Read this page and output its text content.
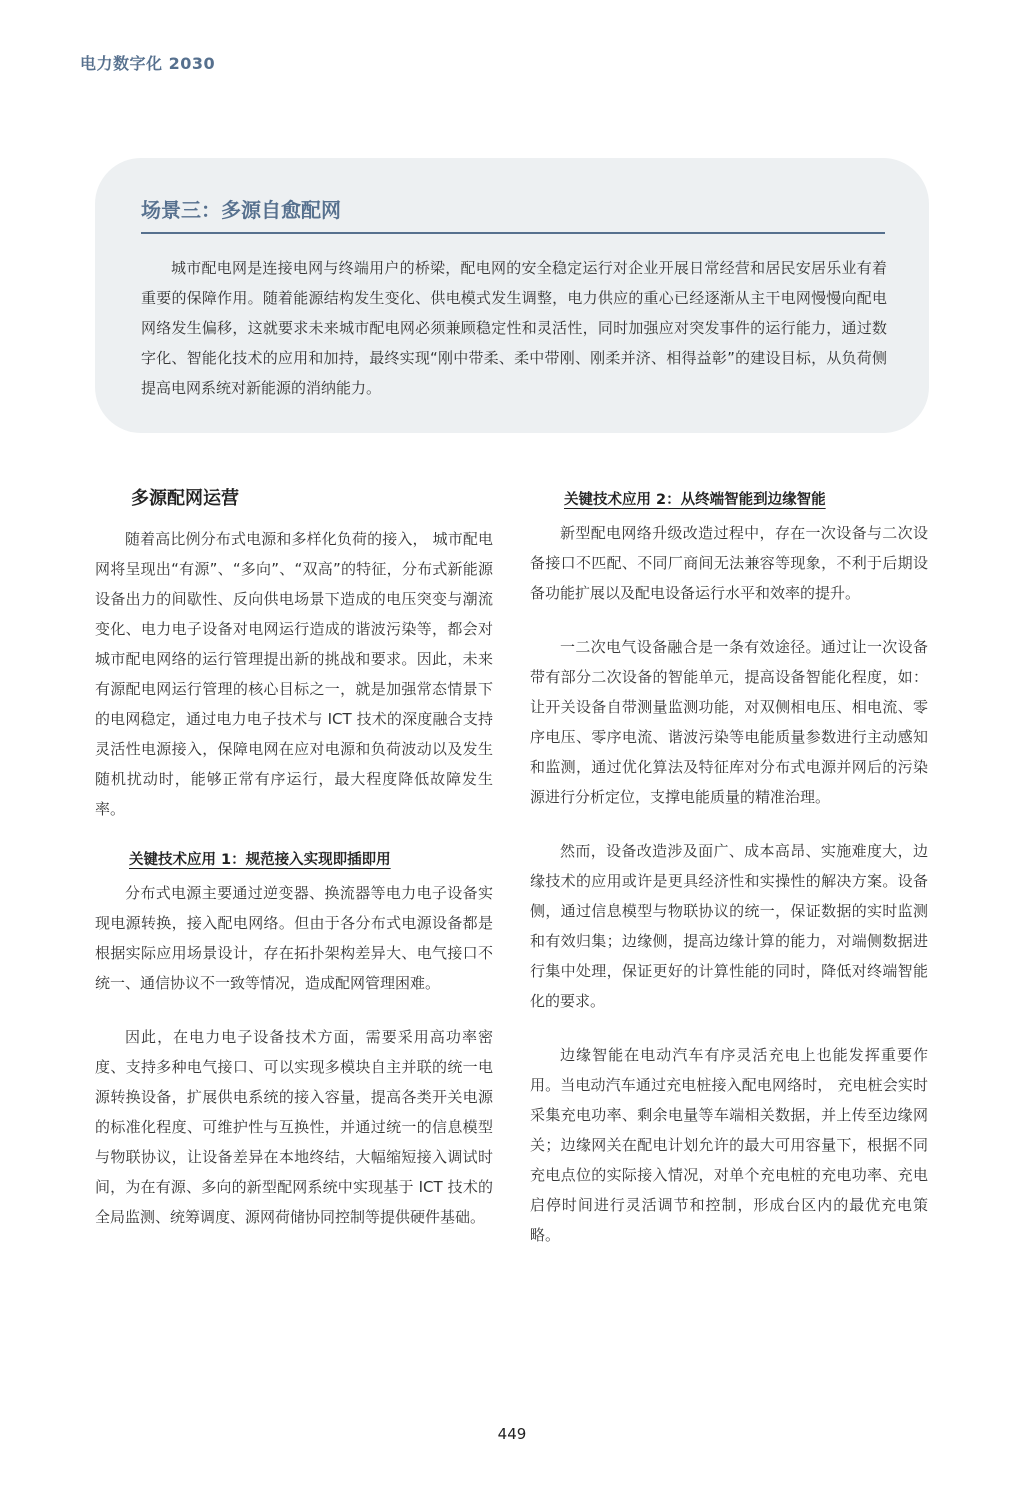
电力数字化 2030
场景三：多源自愈配网

城市配电网是连接电网与终端用户的桥梁，配电网的安全稳定运行对企业开展日常经营和居民安居乐业有着重要的保障作用。随着能源结构发生变化、供电模式发生调整，电力供应的重心已经逐渐从主干电网慢慢向配电网络发生偏移，这就要求未来城市配电网必须兼顾稳定性和灵活性，同时加强应对突发事件的运行能力，通过数字化、智能化技术的应用和加持，最终实现“刚中带柔、柔中带刚、刚柔并济、相得益彰”的建设目标，从负荷侧提高电网系统对新能源的消纳能力。

多源配网运营

随着高比例分布式电源和多样化负荷的接入， 城市配电网将呈现出“有源”、“多向”、“双高”的特征，分布式新能源设备出力的间歇性、反向供电场景下造成的电压突变与潮流变化、电力电子设备对电网运行造成的谐波污染等，都会对城市配电网络的运行管理提出新的挑战和要求。因此，未来有源配电网运行管理的核心目标之一，就是加强常态情景下的电网稳定，通过电力电子技术与 ICT 技术的深度融合支持灵活性电源接入，保障电网在应对电源和负荷波动以及发生随机扰动时，能够正常有序运行，最大程度降低故障发生率。

关键技术应用 1：规范接入实现即插即用

分布式电源主要通过逆变器、换流器等电力电子设备实现电源转换，接入配电网络。但由于各分布式电源设备都是根据实际应用场景设计，存在拓扑架构差异大、电气接口不统一、通信协议不一致等情况，造成配网管理困难。

因此，在电力电子设备技术方面，需要采用高功率密度、支持多种电气接口、可以实现多模块自主并联的统一电源转换设备，扩展供电系统的接入容量，提高各类开关电源的标准化程度、可维护性与互换性，并通过统一的信息模型与物联协议，让设备差异在本地终结，大幅缩短接入调试时间，为在有源、多向的新型配网系统中实现基于 ICT 技术的全局监测、统筹调度、源网荷储协同控制等提供硬件基础。

关键技术应用 2：从终端智能到边缘智能

新型配电网络升级改造过程中，存在一次设备与二次设备接口不匹配、不同厂商间无法兼容等现象，不利于后期设备功能扩展以及配电设备运行水平和效率的提升。

一二次电气设备融合是一条有效途径。通过让一次设备带有部分二次设备的智能单元，提高设备智能化程度，如：让开关设备自带测量监测功能，对双侧相电压、相电流、零序电压、零序电流、谐波污染等电能质量参数进行主动感知和监测，通过优化算法及特征库对分布式电源并网后的污染源进行分析定位，支撑电能质量的精准治理。

然而，设备改造涉及面广、成本高昂、实施难度大，边缘技术的应用或许是更具经济性和实操性的解决方案。设备侧，通过信息模型与物联协议的统一，保证数据的实时监测和有效归集；边缘侧，提高边缘计算的能力，对端侧数据进行集中处理，保证更好的计算性能的同时，降低对终端智能化的要求。

边缘智能在电动汽车有序灵活充电上也能发挥重要作用。当电动汽车通过充电桩接入配电网络时， 充电桩会实时采集充电功率、剩余电量等车端相关数据，并上传至边缘网关；边缘网关在配电计划允许的最大可用容量下，根据不同充电点位的实际接入情况，对单个充电桩的充电功率、充电启停时间进行灵活调节和控制，形成台区内的最优充电策略。

449
